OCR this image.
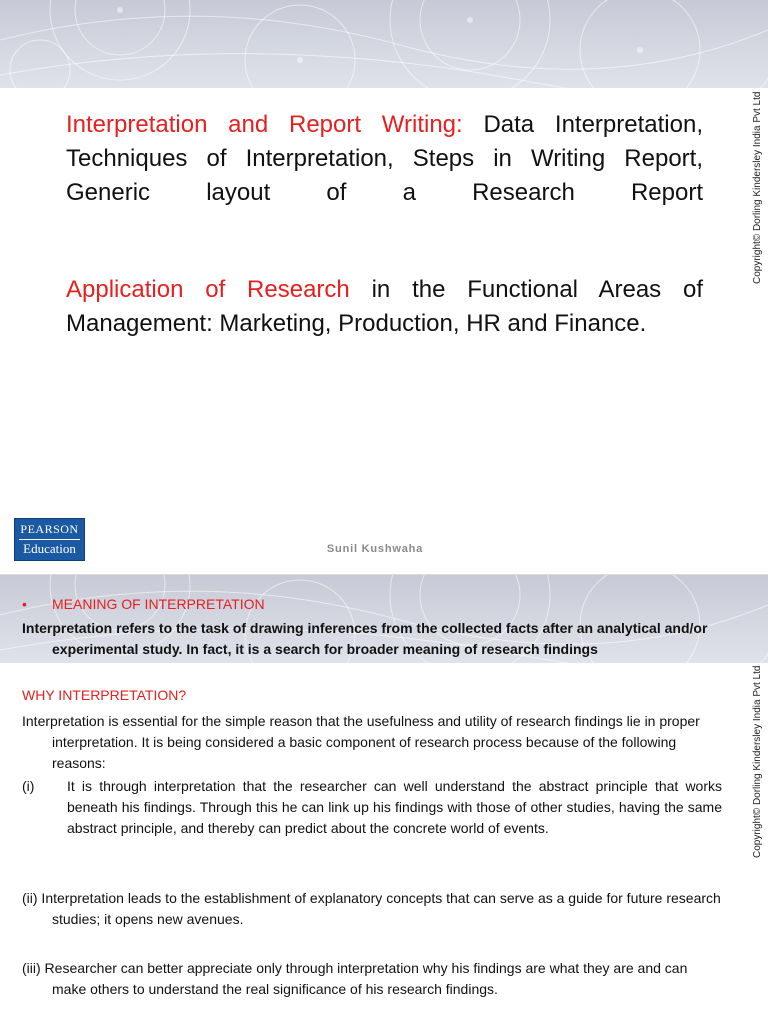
Copyright© Dorling Kindersley India Pvt Ltd
Interpretation and Report Writing: Data Interpretation,
Techniques of Interpretation, Steps in Writing Report,
Generic layout of a Research Report
Application of Research in the Functional Areas of Management: Marketing, Production, HR and Finance.
PEARSON
Education	Sunil Kushwaha
Copyright© Dorling Kindersley India Pvt Ltd
• MEANING OF INTERPRETATION
Interpretation refers to the task of drawing inferences from the collected facts after an analytical and/or experimental study. In fact, it is a search for broader meaning of research findings
WHY INTERPRETATION?
Interpretation is essential for the simple reason that the usefulness and utility of research findings lie in proper interpretation. It is being considered a basic component of research process because of the following reasons:
(i) It is through interpretation that the researcher can well understand the abstract principle that works beneath his findings. Through this he can link up his findings with those of other studies, having the same abstract principle, and thereby can predict about the concrete world of events.
(ii) Interpretation leads to the establishment of explanatory concepts that can serve as a guide for future research studies; it opens new avenues.
(iii) Researcher can better appreciate only through interpretation why his findings are what they are and can make others to understand the real significance of his research findings.
